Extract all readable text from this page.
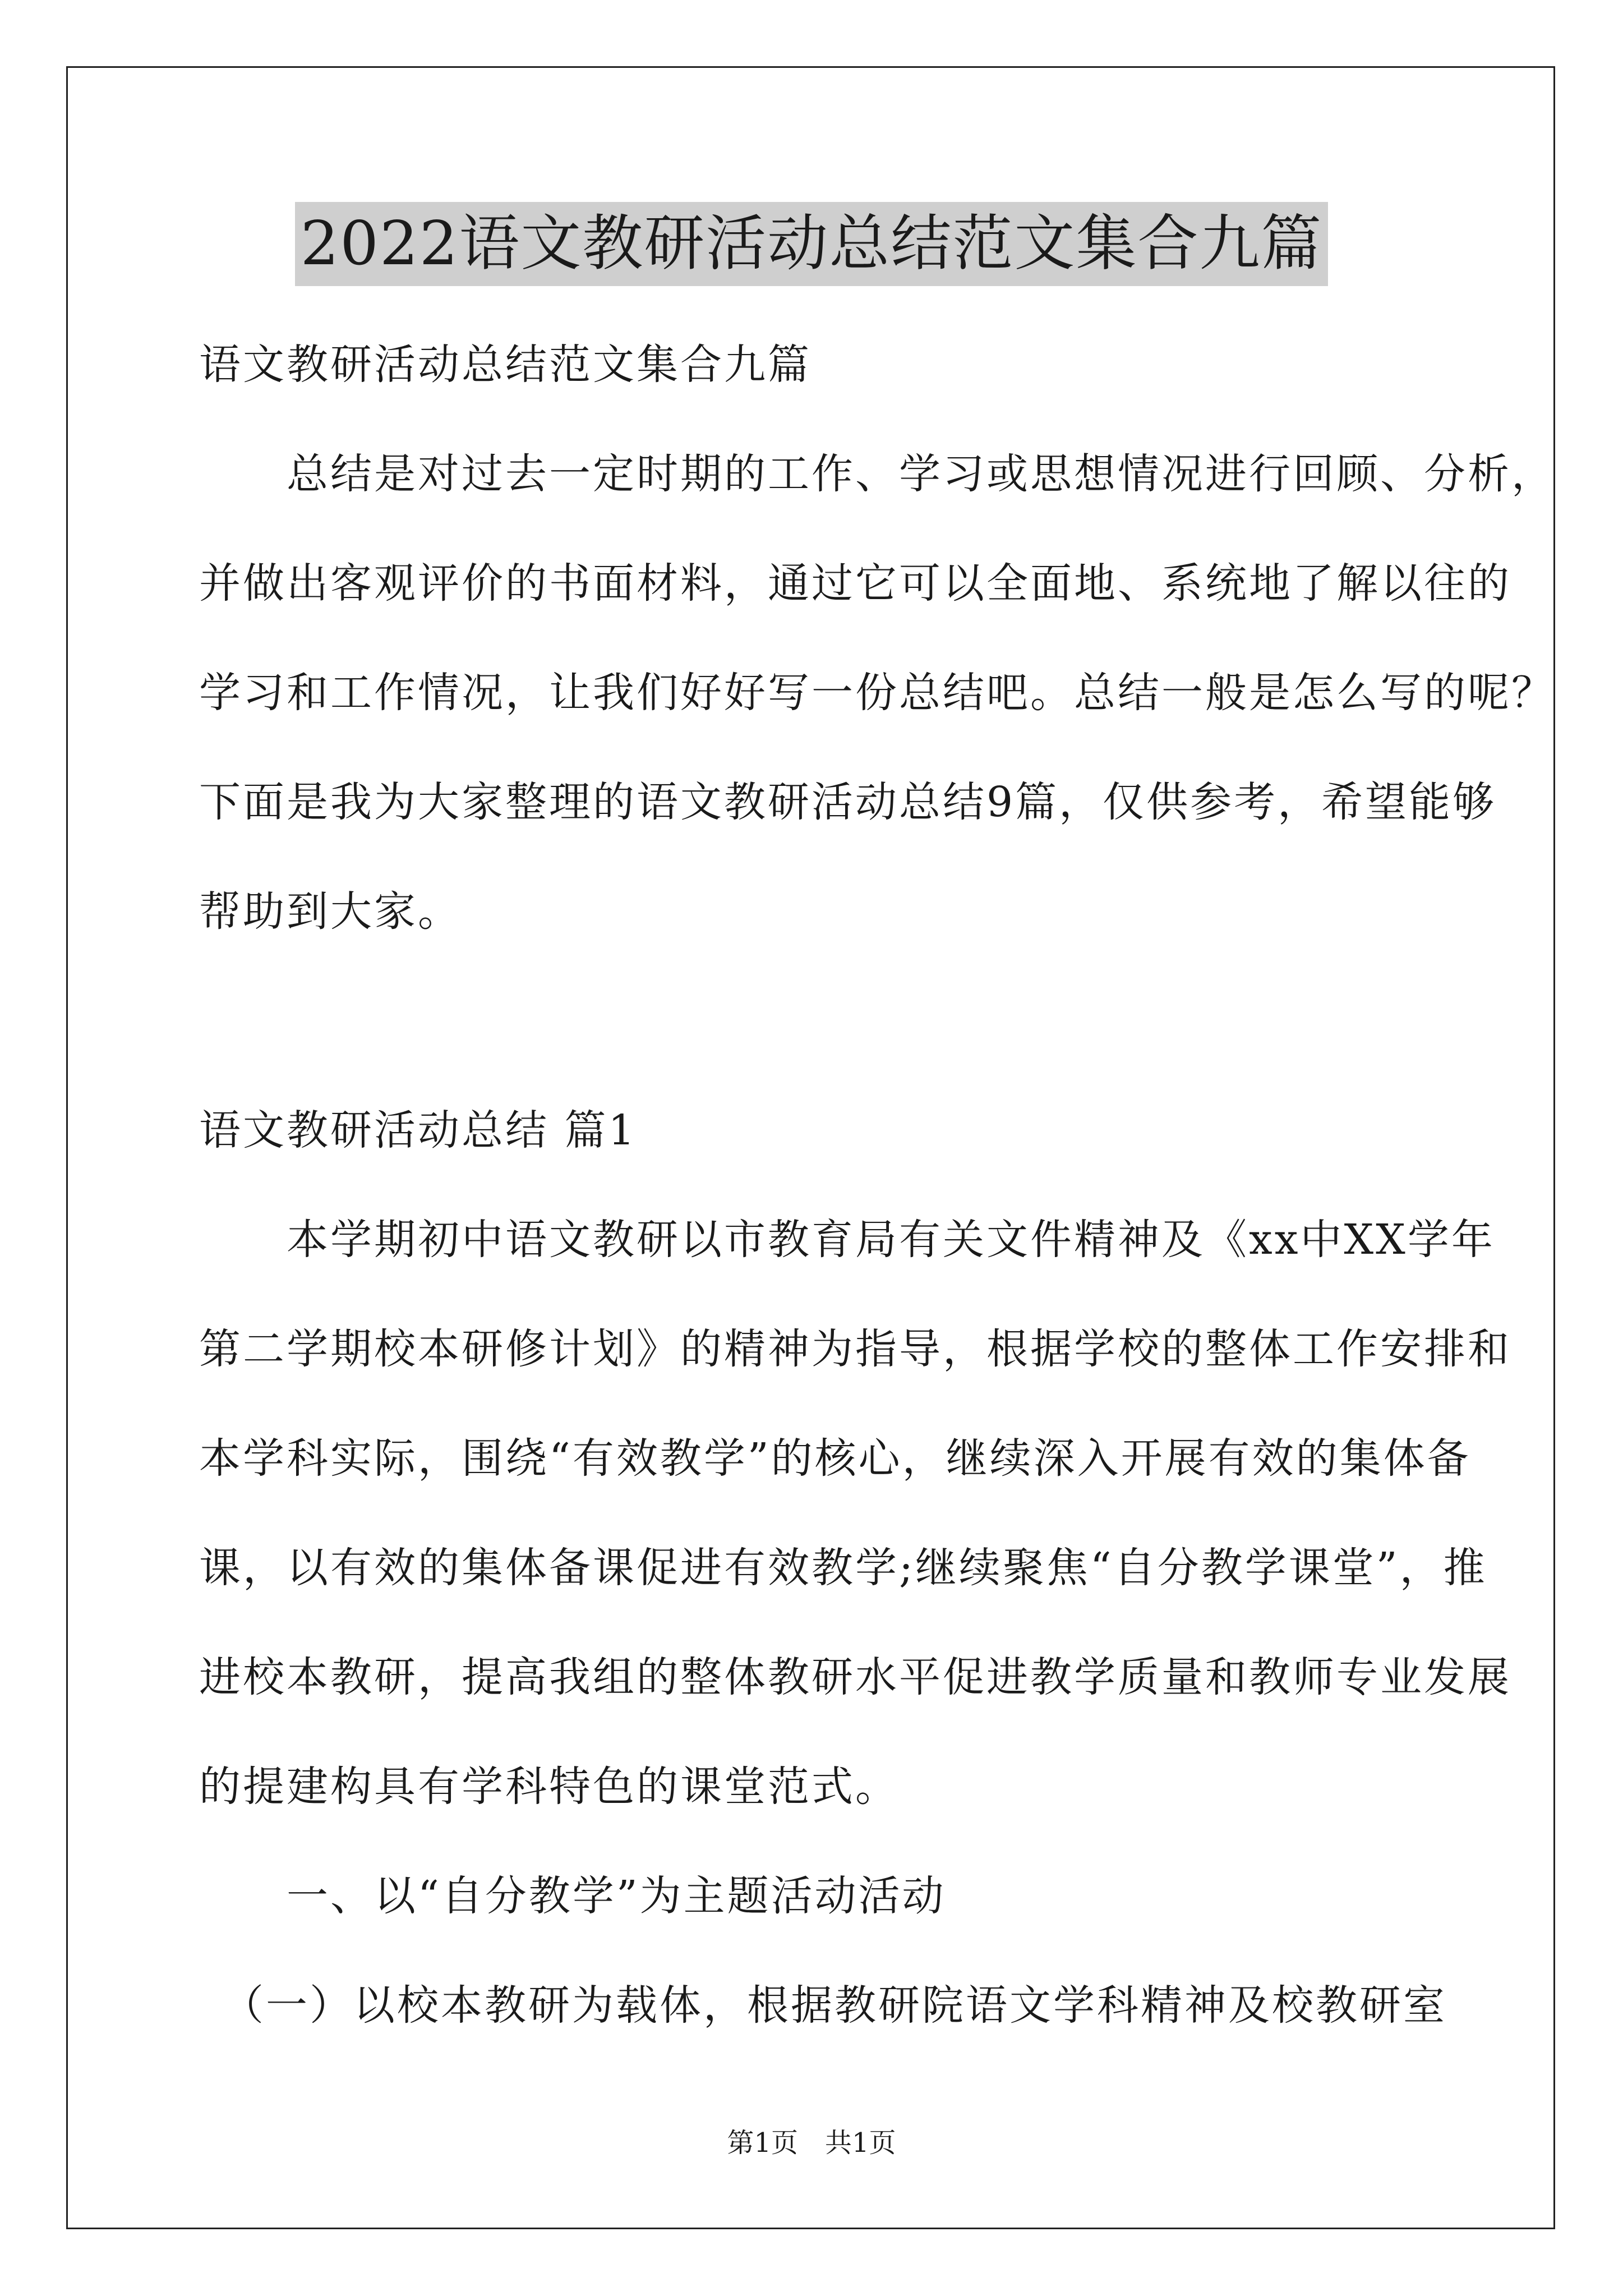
2022语文教研活动总结范文集合九篇
语文教研活动总结范文集合九篇
　　总结是对过去一定时期的工作、学习或思想情况进行回顾、分析，
并做出客观评价的书面材料，通过它可以全面地、系统地了解以往的
学习和工作情况，让我们好好写一份总结吧。总结一般是怎么写的呢？
下面是我为大家整理的语文教研活动总结9篇，仅供参考，希望能够
帮助到大家。
语文教研活动总结 篇1
　　本学期初中语文教研以市教育局有关文件精神及《xx中XX学年
第二学期校本研修计划》的精神为指导，根据学校的整体工作安排和
本学科实际，围绕“有效教学”的核心，继续深入开展有效的集体备
课，以有效的集体备课促进有效教学;继续聚焦“自分教学课堂”，推
进校本教研，提高我组的整体教研水平促进教学质量和教师专业发展
的提建构具有学科特色的课堂范式。
　　一、以“自分教学”为主题活动活动
　（一）以校本教研为载体，根据教研院语文学科精神及校教研室
第1页　共1页
